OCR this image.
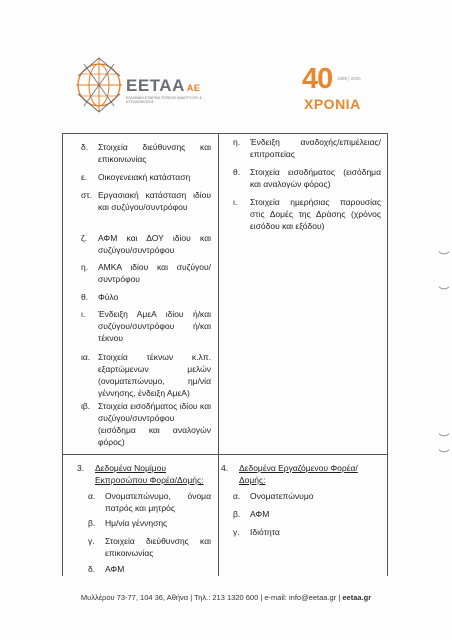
EETAA AE
ΕΛΛΗΝΙΚΗ ΕΤΑΙΡΕΙΑ ΤΟΠΙΚΗΣ ΑΝΑΠΤΥΞΗΣ & ΑΥΤΟΔΙΟΙΚΗΣΗΣ
40 1985 | 2025
ΧΡΟΝΙΑ
δ.	Στοιχεία διεύθυνσης και επικοινωνίας
ε.	Οικογενειακή κατάσταση
στ. Εργασιακή κατάσταση ιδίου και συζύγου/συντρόφου
ζ.	ΑΦΜ και ΔΟΥ ιδίου και συζύγου/συντρόφου
η.	ΑΜΚΑ ιδίου και συζύγου/συντρόφου
θ.	Φύλο
ι.	Ένδειξη ΑμεΑ ιδίου ή/και συζύγου/συντρόφου ή/και τέκνου
ια. Στοιχεία τέκνων κ.λπ. εξαρτώμενων μελών (ονοματεπώνυμο, ημ/νία γέννησης, ένδειξη ΑμεΑ)
ιβ. Στοιχεία εισοδήματος ιδίου και συζύγου/συντρόφου (εισόδημα και αναλογών φόρος)
η.	Ένδειξη αναδοχής/επιμέλειας/επιτροπείας
θ.	Στοιχεία εισοδήματος (εισόδημα και αναλογών φόρος)
ι.	Στοιχεία ημερήσιας παρουσίας στις Δομές της Δράσης (χρόνος εισόδου και εξόδου)
3.	Δεδομένα Νομίμου Εκπροσώπου Φορέα/Δομής:
α.	Ονοματεπώνυμο, όνομα πατρός και μητρός
β.	Ημ/νία γέννησης
γ.	Στοιχεία διεύθυνσης και επικοινωνίας
δ.	ΑΦΜ
4.	Δεδομένα Εργαζόμενου Φορέα/Δομής:
α.	Ονοματεπώνυμο
β.	ΑΦΜ
γ.	Ιδιότητα
Μυλλέρου 73-77, 104 36, Αθήνα | Τηλ.: 213 1320 600 | e-mail: info@eetaa.gr | eetaa.gr
